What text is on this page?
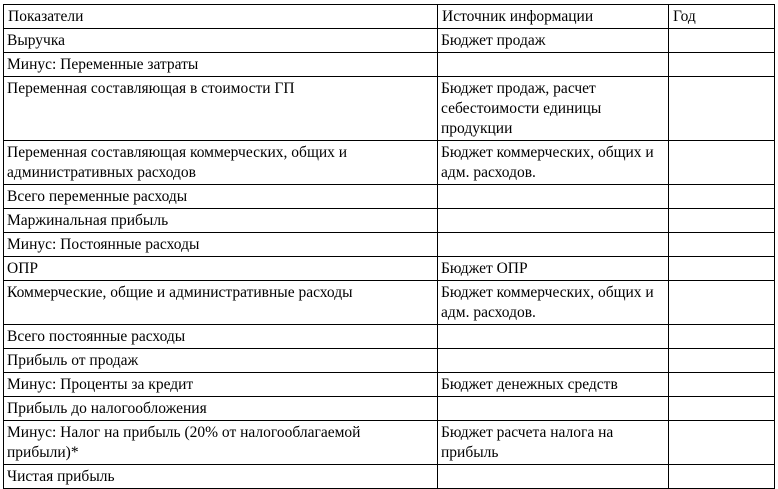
Показатели	Источник информации	Год
Выручка	Бюджет продаж	
Минус: Переменные затраты		
Переменная составляющая в стоимости ГП	Бюджет продаж, расчет себестоимости единицы продукции	
Переменная составляющая коммерческих, общих и административных расходов	Бюджет коммерческих, общих и адм. расходов.	
Всего переменные расходы		
Маржинальная прибыль		
Минус: Постоянные расходы		
ОПР	Бюджет ОПР	
Коммерческие, общие и административные расходы	Бюджет коммерческих, общих и адм. расходов.	
Всего постоянные расходы		
Прибыль от продаж		
Минус: Проценты за кредит	Бюджет денежных средств	
Прибыль до налогообложения		
Минус: Налог на прибыль (20% от налогооблагаемой прибыли)*	Бюджет расчета налога на прибыль	
Чистая прибыль		
